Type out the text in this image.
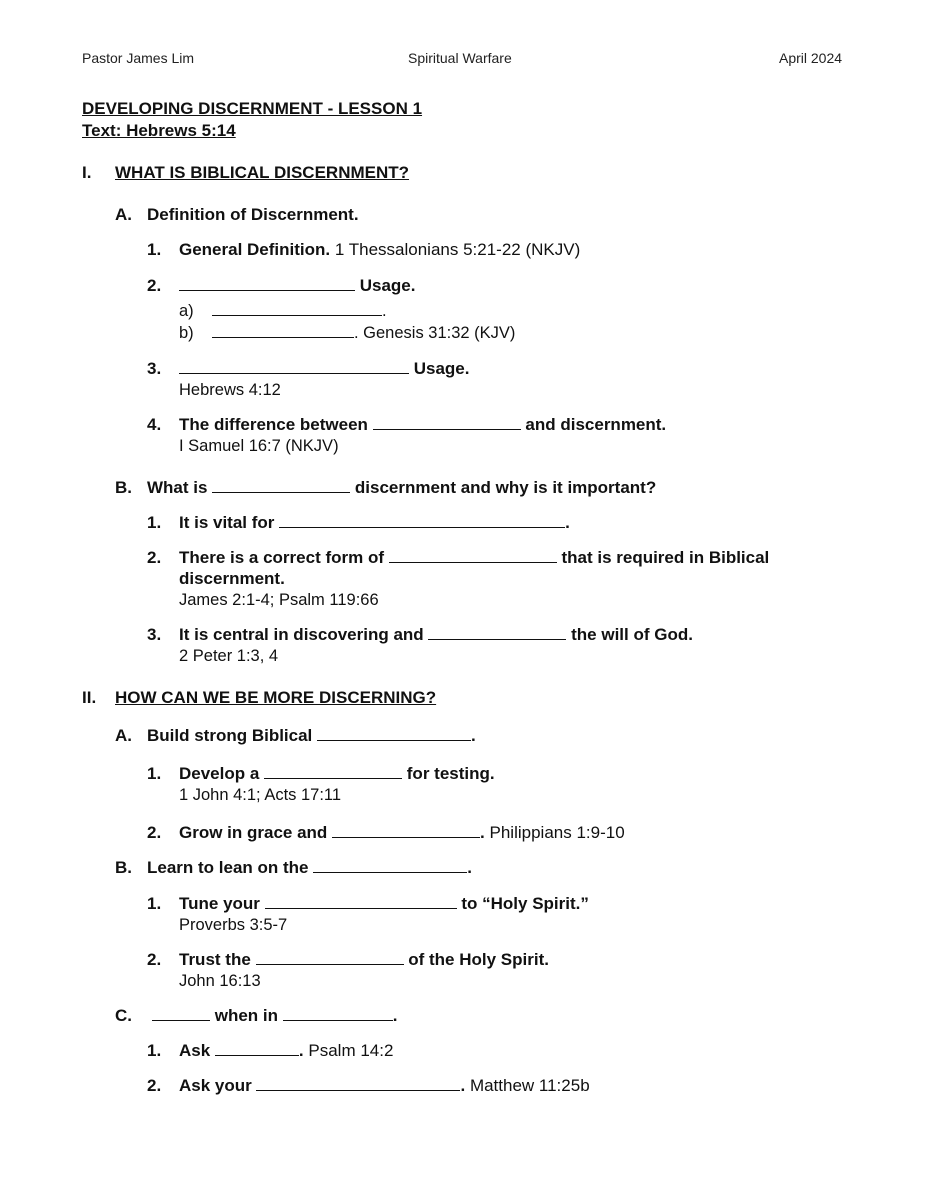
Pastor James Lim	Spiritual Warfare	April 2024
DEVELOPING DISCERNMENT - LESSON 1
Text: Hebrews 5:14
I. WHAT IS BIBLICAL DISCERNMENT?
A. Definition of Discernment.
1. General Definition. 1 Thessalonians 5:21-22 (NKJV)
2.	Usage.
a)	.
b)	. Genesis 31:32 (KJV)
3.	Usage.
Hebrews 4:12
4. The difference between	and discernment.
I Samuel 16:7 (NKJV)
B. What is	discernment and why is it important?
1. It is vital for	.
2. There is a correct form of	that is required in Biblical
discernment.
James 2:1-4; Psalm 119:66
3. It is central in discovering and	the will of God.
2 Peter 1:3, 4
II. HOW CAN WE BE MORE DISCERNING?
A. Build strong Biblical	.
1. Develop a	for testing.
1 John 4:1; Acts 17:11
2. Grow in grace and	. Philippians 1:9-10
B. Learn to lean on the	.
1. Tune your	to “Holy Spirit.”
Proverbs 3:5-7
2. Trust the	of the Holy Spirit.
John 16:13
C.	when in	.
1. Ask	. Psalm 14:2
2. Ask your	. Matthew 11:25b
